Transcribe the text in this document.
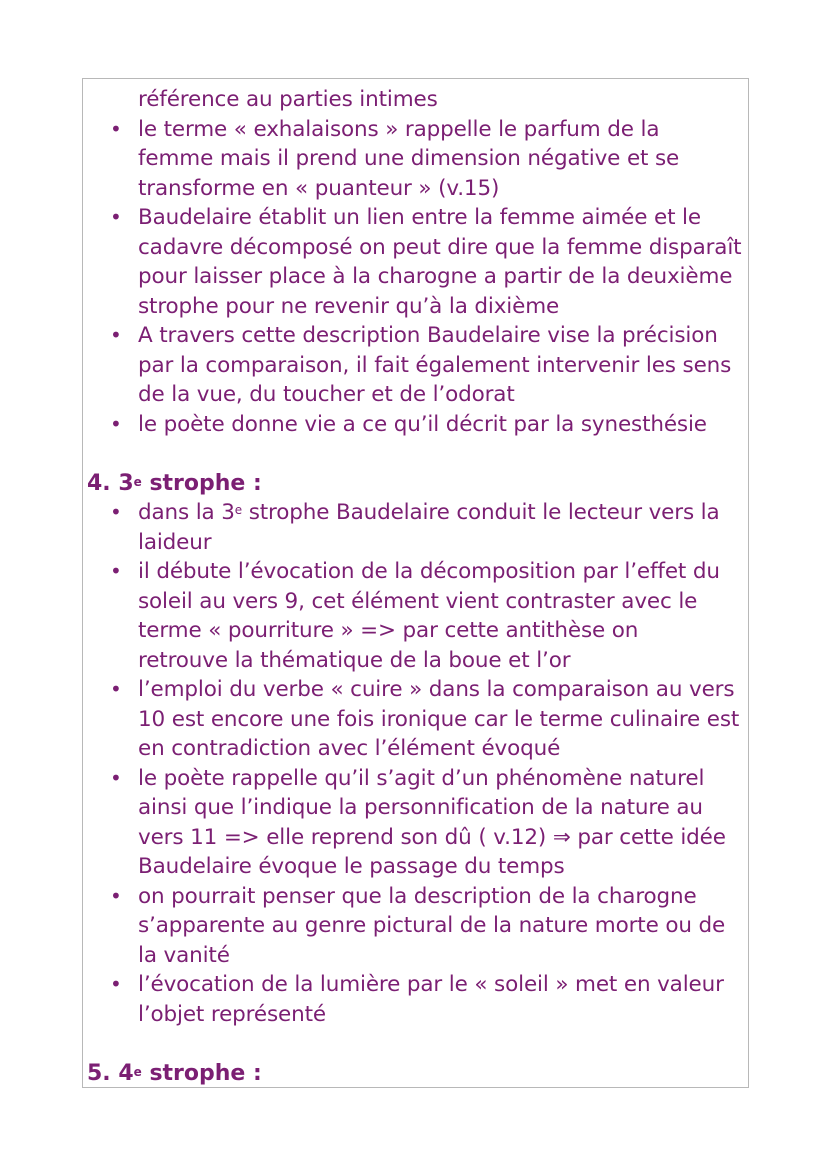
référence au parties intimes
• le terme « exhalaisons » rappelle le parfum de la
femme mais il prend une dimension négative et se
transforme en « puanteur » (v.15)
• Baudelaire établit un lien entre la femme aimée et le
cadavre décomposé on peut dire que la femme disparaît
pour laisser place à la charogne a partir de la deuxième
strophe pour ne revenir qu’à la dixième
• A travers cette description Baudelaire vise la précision
par la comparaison, il fait également intervenir les sens
de la vue, du toucher et de l’odorat
• le poète donne vie a ce qu’il décrit par la synesthésie
4. 3e strophe :
• dans la 3e strophe Baudelaire conduit le lecteur vers la
laideur
• il débute l’évocation de la décomposition par l’effet du
soleil au vers 9, cet élément vient contraster avec le
terme « pourriture » => par cette antithèse on
retrouve la thématique de la boue et l’or
• l’emploi du verbe « cuire » dans la comparaison au vers
10 est encore une fois ironique car le terme culinaire est
en contradiction avec l’élément évoqué
• le poète rappelle qu’il s’agit d’un phénomène naturel
ainsi que l’indique la personnification de la nature au
vers 11 => elle reprend son dû ( v.12) ⇒ par cette idée
Baudelaire évoque le passage du temps
• on pourrait penser que la description de la charogne
s’apparente au genre pictural de la nature morte ou de
la vanité
• l’évocation de la lumière par le « soleil » met en valeur
l’objet représenté
5. 4e strophe :
